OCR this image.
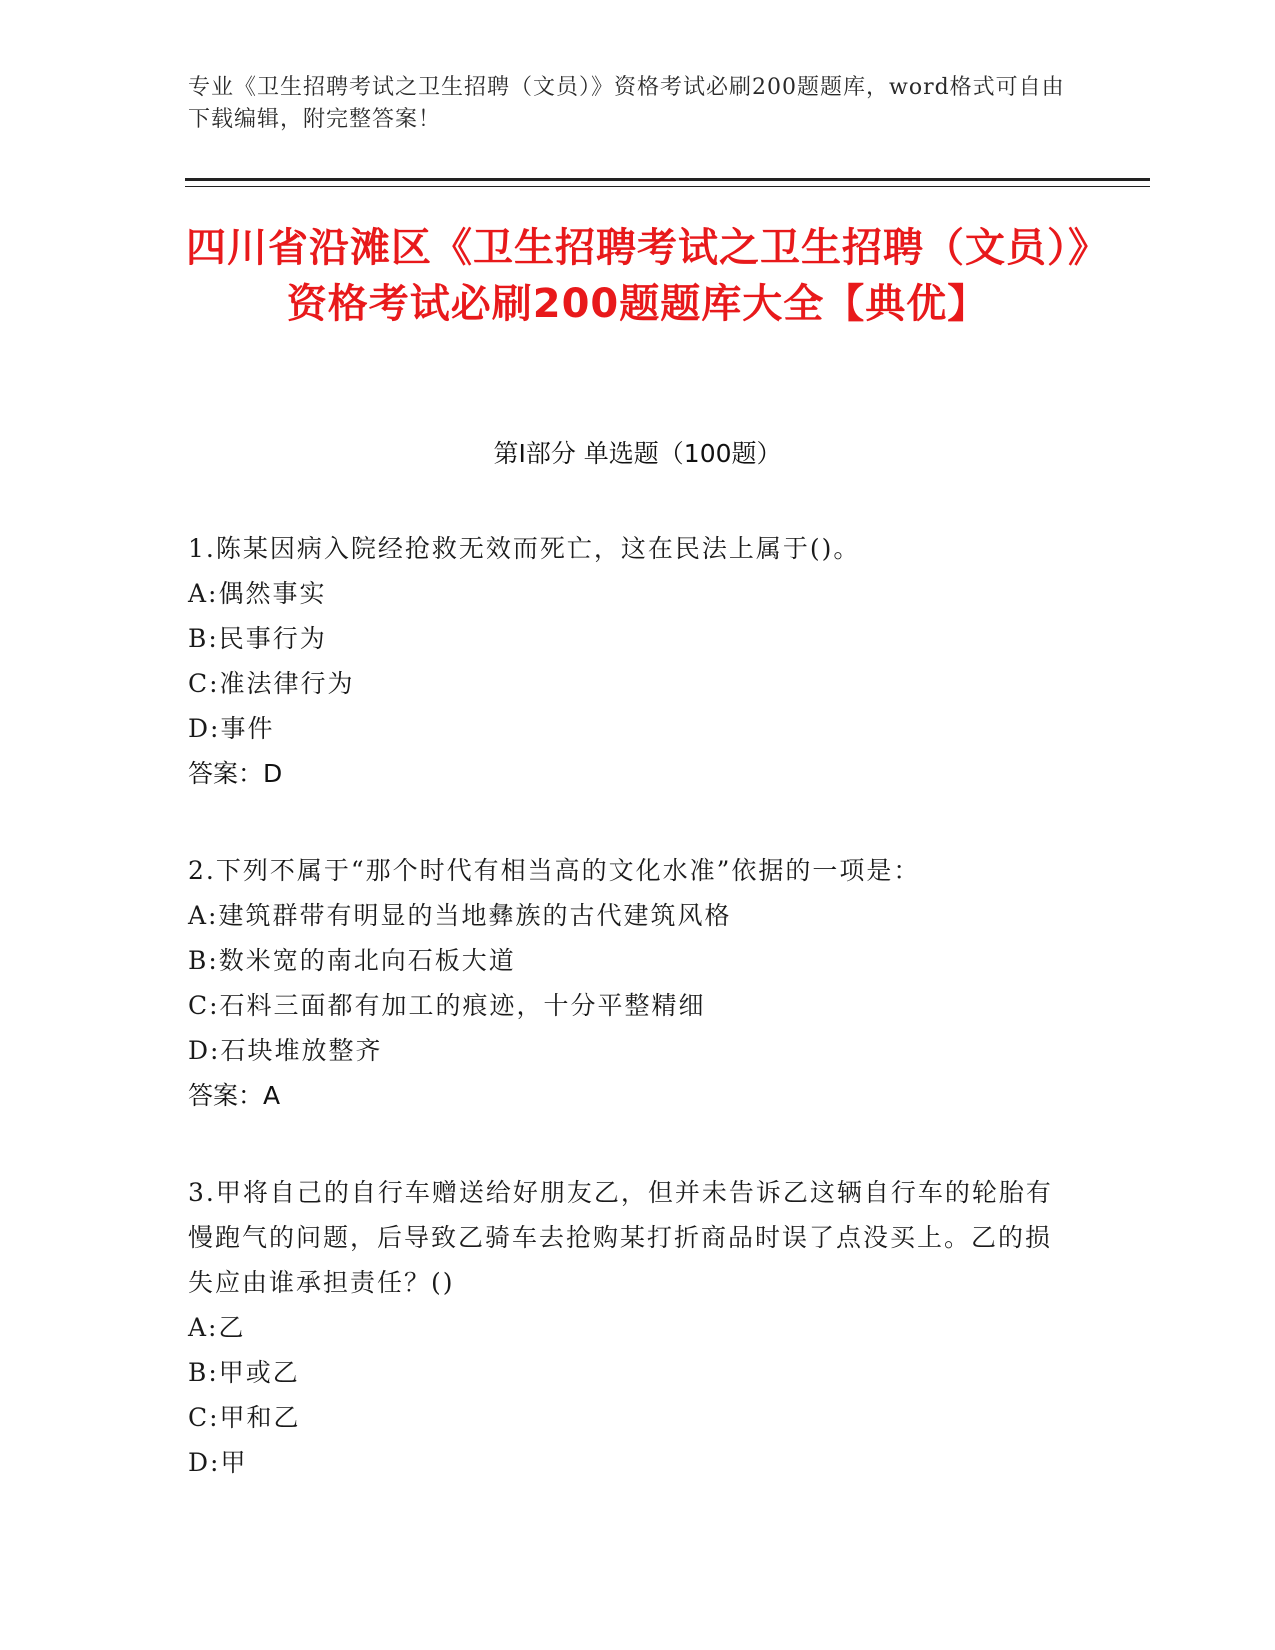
专业《卫生招聘考试之卫生招聘（文员）》资格考试必刷200题题库，word格式可自由下载编辑，附完整答案！
四川省沿滩区《卫生招聘考试之卫生招聘（文员）》资格考试必刷200题题库大全【典优】
第I部分 单选题（100题）
1.陈某因病入院经抢救无效而死亡，这在民法上属于()。
A:偶然事实
B:民事行为
C:准法律行为
D:事件
答案：D
2.下列不属于“那个时代有相当高的文化水准”依据的一项是：
A:建筑群带有明显的当地彝族的古代建筑风格
B:数米宽的南北向石板大道
C:石料三面都有加工的痕迹，十分平整精细
D:石块堆放整齐
答案：A
3.甲将自己的自行车赠送给好朋友乙，但并未告诉乙这辆自行车的轮胎有慢跑气的问题，后导致乙骑车去抢购某打折商品时误了点没买上。乙的损失应由谁承担责任？()
A:乙
B:甲或乙
C:甲和乙
D:甲
